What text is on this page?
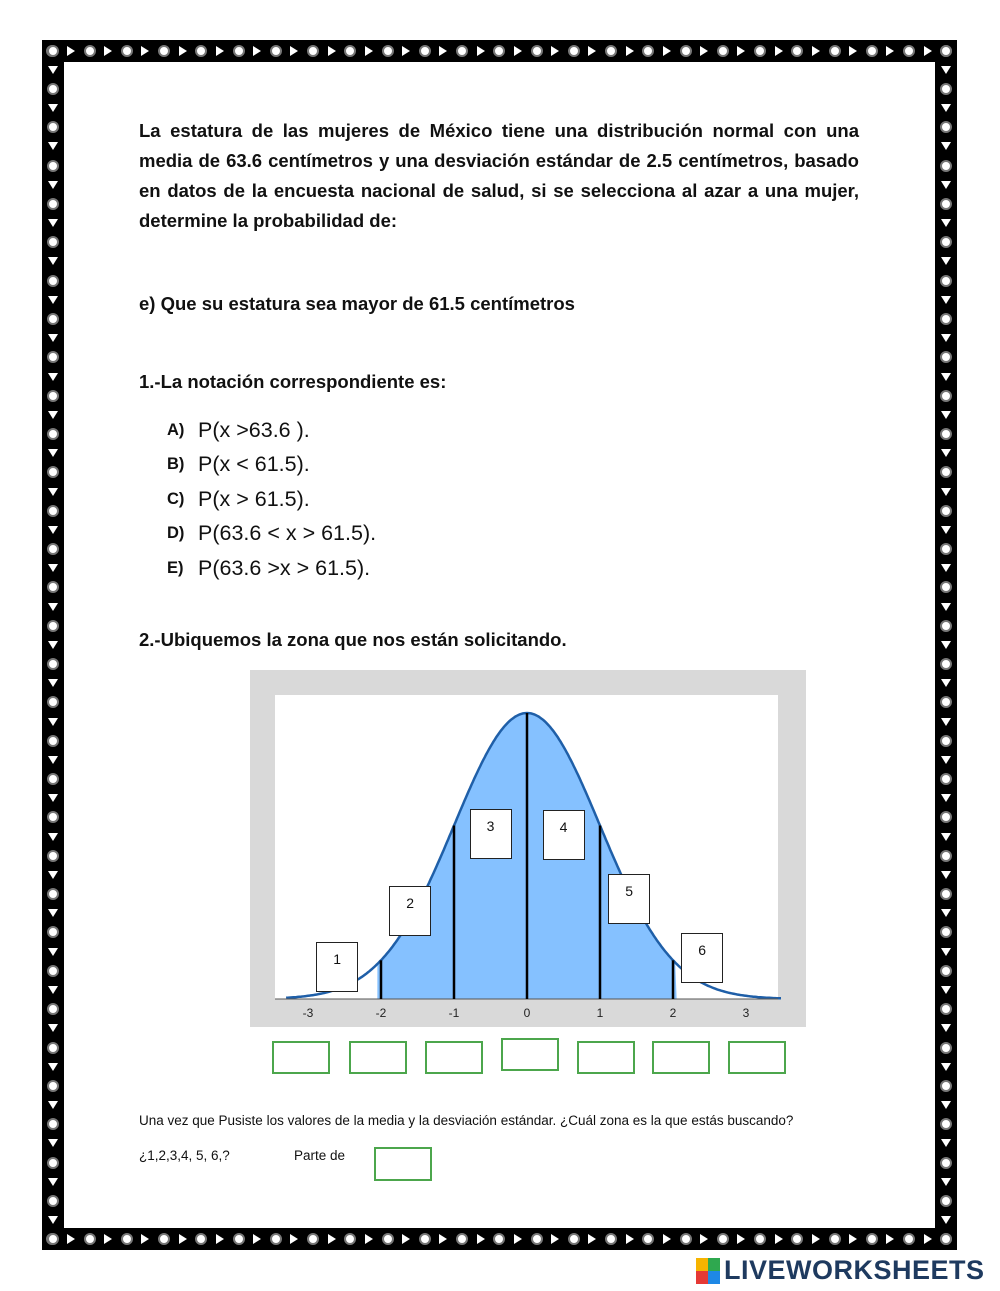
La estatura de las mujeres de México tiene una distribución normal con una media de 63.6 centímetros y una desviación estándar de 2.5 centímetros, basado en datos de la encuesta nacional de salud, si se selecciona al azar a una mujer, determine la probabilidad de:
e) Que su estatura sea mayor de 61.5 centímetros
1.-La notación correspondiente es:
A) P(x >63.6 ).
B) P(x < 61.5).
C) P(x > 61.5).
D) P(63.6 < x > 61.5).
E) P(63.6 >x > 61.5).
2.-Ubiquemos la zona que nos están solicitando.
-3	-2	-1	0	1	2	3
1
2
3	4
5
6
Una vez que Pusiste los valores de la media y la desviación estándar. ¿Cuál zona es la que estás buscando?
¿1,2,3,4, 5, 6,?	Parte de
LIVEWORKSHEETS
